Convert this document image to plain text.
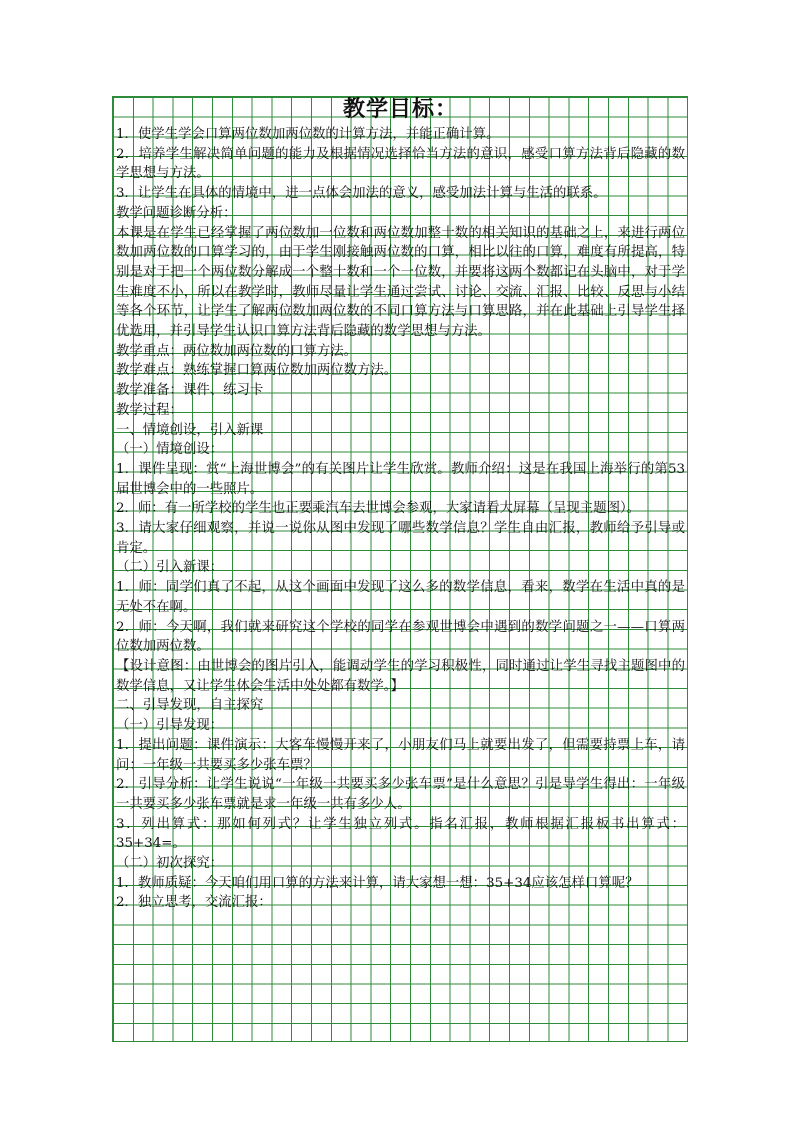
教学目标：

1．使学生学会口算两位数加两位数的计算方法，并能正确计算。

2．培养学生解决简单问题的能力及根据情况选择恰当方法的意识，感受口算方法背后隐藏的数学思想与方法。

3．让学生在具体的情境中，进一点体会加法的意义，感受加法计算与生活的联系。

教学问题诊断分析：

本课是在学生已经掌握了两位数加一位数和两位数加整十数的相关知识的基础之上，来进行两位数加两位数的口算学习的，由于学生刚接触两位数的口算，相比以往的口算，难度有所提高，特别是对于把一个两位数分解成一个整十数和一个一位数，并要将这两个数都记在头脑中，对于学生难度不小，所以在教学时，教师尽量让学生通过尝试、讨论、交流、汇报、比较、反思与小结等各个环节，让学生了解两位数加两位数的不同口算方法与口算思路，并在此基础上引导学生择优选用，并引导学生认识口算方法背后隐藏的数学思想与方法。

教学重点：两位数加两位数的口算方法。

教学难点：熟练掌握口算两位数加两位数方法。

教学准备：课件、练习卡

教学过程：

一、情境创设，引入新课

（一）情境创设：

1．课件呈现：赏“上海世博会”的有关图片让学生欣赏。教师介绍：这是在我国上海举行的第53届世博会中的一些照片。

2．师：有一所学校的学生也正要乘汽车去世博会参观，大家请看大屏幕（呈现主题图）。

3．请大家仔细观察，并说一说你从图中发现了哪些数学信息？学生自由汇报，教师给予引导或肯定。

（二）引入新课：

1．师：同学们真了不起，从这个画面中发现了这么多的数学信息，看来，数学在生活中真的是无处不在啊。

2．师：今天啊，我们就来研究这个学校的同学在参观世博会中遇到的数学问题之一——口算两位数加两位数。

【设计意图：由世博会的图片引入，能调动学生的学习积极性，同时通过让学生寻找主题图中的数学信息，又让学生体会生活中处处都有数学。】

二、引导发现，自主探究

（一）引导发现：

1．提出问题：课件演示：大客车慢慢开来了，小朋友们马上就要出发了，但需要持票上车，请问：一年级一共要买多少张车票？

2．引导分析：让学生说说“一年级一共要买多少张车票”是什么意思？引是导学生得出：一年级一共要买多少张车票就是求一年级一共有多少人。

3．列出算式：那如何列式？让学生独立列式。指名汇报，教师根据汇报板书出算式：35+34=。

（二）初次探究：

1．教师质疑：今天咱们用口算的方法来计算，请大家想一想：35+34应该怎样口算呢？

2．独立思考，交流汇报：
